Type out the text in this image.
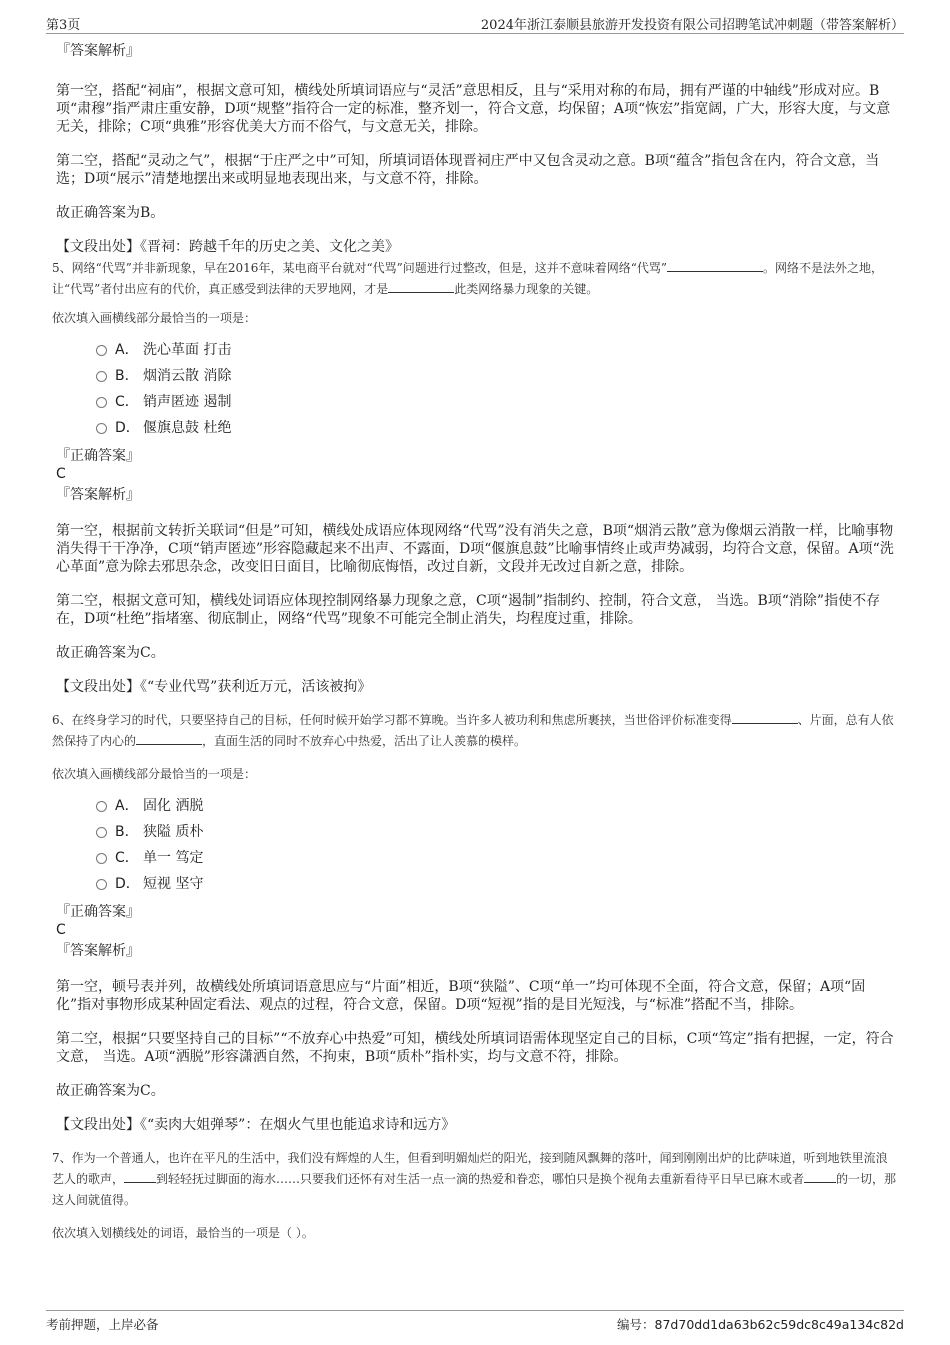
第3页	2024年浙江泰顺县旅游开发投资有限公司招聘笔试冲刺题（带答案解析）
『答案解析』
第一空，搭配“祠庙”，根据文意可知，横线处所填词语应与“灵活”意思相反，且与“采用对称的布局，拥有严谨的中轴线”形成对应。B项“肃穆”指严肃庄重安静，D项“规整”指符合一定的标准，整齐划一，符合文意，均保留；A项“恢宏”指宽阔，广大，形容大度，与文意无关，排除；C项“典雅”形容优美大方而不俗气，与文意无关，排除。
第二空，搭配“灵动之气”，根据“于庄严之中”可知，所填词语体现晋祠庄严中又包含灵动之意。B项“蕴含”指包含在内，符合文意，当选；D项“展示”清楚地摆出来或明显地表现出来，与文意不符，排除。
故正确答案为B。
【文段出处】《晋祠：跨越千年的历史之美、文化之美》
5、网络“代骂”并非新现象，早在2016年，某电商平台就对“代骂”问题进行过整改，但是，这并不意味着网络“代骂”	。网络不是法外之地，让“代骂”者付出应有的代价，真正感受到法律的天罗地网，才是	此类网络暴力现象的关键。
依次填入画横线部分最恰当的一项是：
A． 洗心革面 打击
B． 烟消云散 消除
C． 销声匿迹 遏制
D． 偃旗息鼓 杜绝
『正确答案』
C
『答案解析』
第一空，根据前文转折关联词“但是”可知，横线处成语应体现网络“代骂”没有消失之意，B项“烟消云散”意为像烟云消散一样，比喻事物消失得干干净净，C项“销声匿迹”形容隐藏起来不出声、不露面，D项“偃旗息鼓”比喻事情终止或声势减弱，均符合文意，保留。A项“洗心革面”意为除去邪思杂念，改变旧日面目，比喻彻底悔悟，改过自新，文段并无改过自新之意，排除。
第二空，根据文意可知，横线处词语应体现控制网络暴力现象之意，C项“遏制”指制约、控制，符合文意， 当选。B项“消除”指使不存在，D项“杜绝”指堵塞、彻底制止，网络“代骂”现象不可能完全制止消失，均程度过重，排除。
故正确答案为C。
【文段出处】《“专业代骂”获利近万元，活该被拘》
6、在终身学习的时代，只要坚持自己的目标，任何时候开始学习都不算晚。当许多人被功利和焦虑所裹挟，当世俗评价标准变得	、片面，总有人依然保持了内心的	，直面生活的同时不放弃心中热爱，活出了让人羡慕的模样。
依次填入画横线部分最恰当的一项是：
A． 固化 洒脱
B． 狭隘 质朴
C． 单一 笃定
D． 短视 坚守
『正确答案』
C
『答案解析』
第一空，顿号表并列，故横线处所填词语意思应与“片面”相近，B项“狭隘”、C项“单一”均可体现不全面，符合文意，保留；A项“固化”指对事物形成某种固定看法、观点的过程，符合文意，保留。D项“短视”指的是目光短浅，与“标准”搭配不当，排除。
第二空，根据“只要坚持自己的目标”“不放弃心中热爱”可知，横线处所填词语需体现坚定自己的目标，C项“笃定”指有把握，一定，符合文意， 当选。A项“洒脱”形容潇洒自然，不拘束，B项“质朴”指朴实，均与文意不符，排除。
故正确答案为C。
【文段出处】《“卖肉大姐弹琴”：在烟火气里也能追求诗和远方》
7、作为一个普通人，也许在平凡的生活中，我们没有辉煌的人生，但看到明媚灿烂的阳光，接到随风飘舞的落叶，闻到刚刚出炉的比萨味道，听到地铁里流浪艺人的歌声，	到轻轻抚过脚面的海水……只要我们还怀有对生活一点一滴的热爱和眷恋，哪怕只是换个视角去重新看待平日早已麻木或者	的一切，那这人间就值得。
依次填入划横线处的词语，最恰当的一项是（ ）。
考前押题，上岸必备	编号：87d70dd1da63b62c59dc8c49a134c82d
